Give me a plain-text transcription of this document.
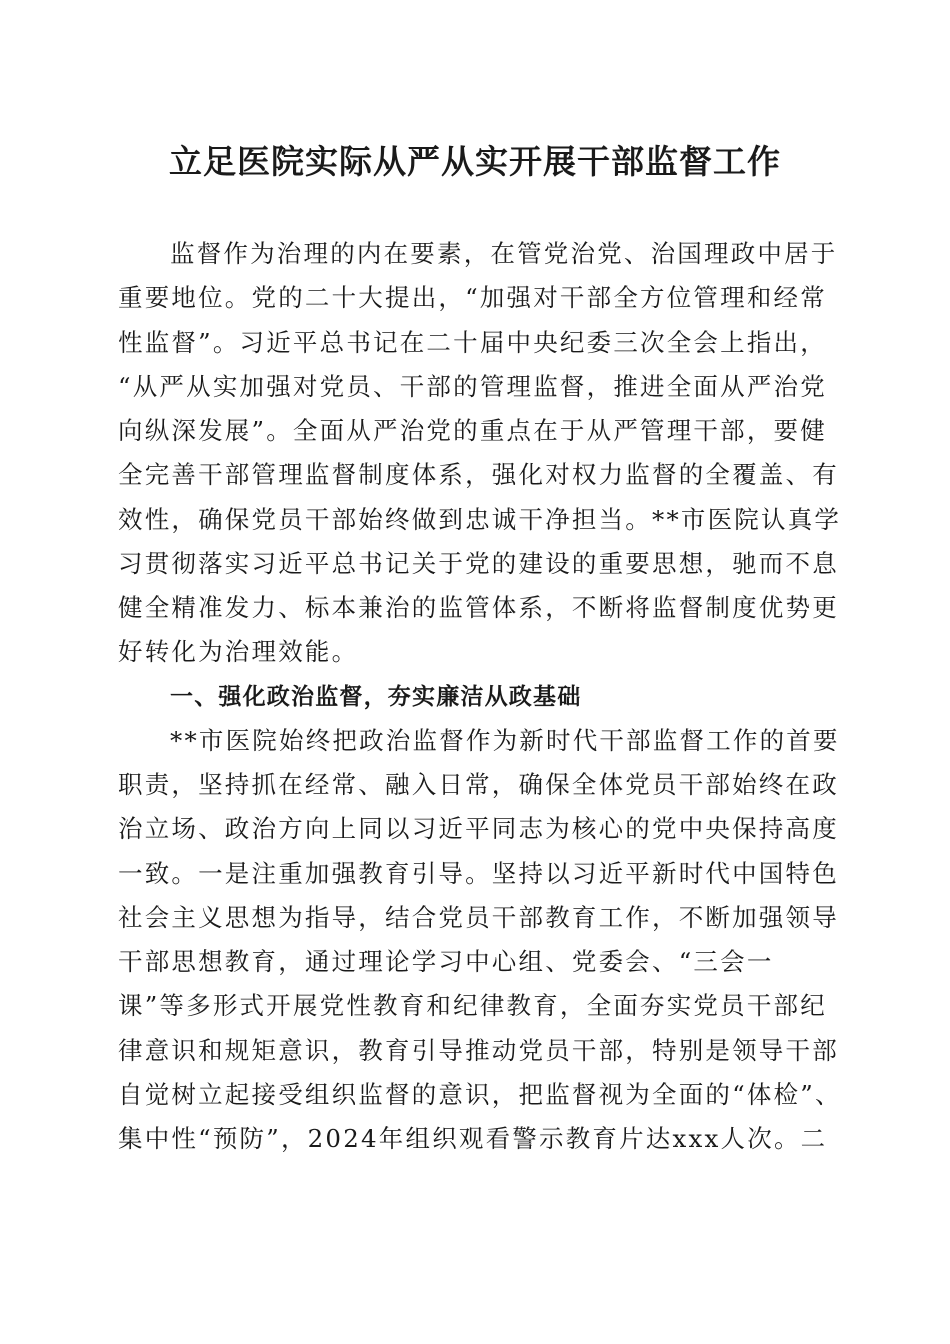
立足医院实际从严从实开展干部监督工作
监督作为治理的内在要素，在管党治党、治国理政中居于
重要地位。党的二十大提出，“加强对干部全方位管理和经常
性监督”。习近平总书记在二十届中央纪委三次全会上指出，
“从严从实加强对党员、干部的管理监督，推进全面从严治党
向纵深发展”。全面从严治党的重点在于从严管理干部，要健
全完善干部管理监督制度体系，强化对权力监督的全覆盖、有
效性，确保党员干部始终做到忠诚干净担当。**市医院认真学
习贯彻落实习近平总书记关于党的建设的重要思想，驰而不息
健全精准发力、标本兼治的监管体系，不断将监督制度优势更
好转化为治理效能。
一、强化政治监督，夯实廉洁从政基础
**市医院始终把政治监督作为新时代干部监督工作的首要
职责，坚持抓在经常、融入日常，确保全体党员干部始终在政
治立场、政治方向上同以习近平同志为核心的党中央保持高度
一致。一是注重加强教育引导。坚持以习近平新时代中国特色
社会主义思想为指导，结合党员干部教育工作，不断加强领导
干部思想教育，通过理论学习中心组、党委会、“三会一
课”等多形式开展党性教育和纪律教育，全面夯实党员干部纪
律意识和规矩意识，教育引导推动党员干部，特别是领导干部
自觉树立起接受组织监督的意识，把监督视为全面的“体检”、
集中性“预防”，2024年组织观看警示教育片达xxx人次。二
